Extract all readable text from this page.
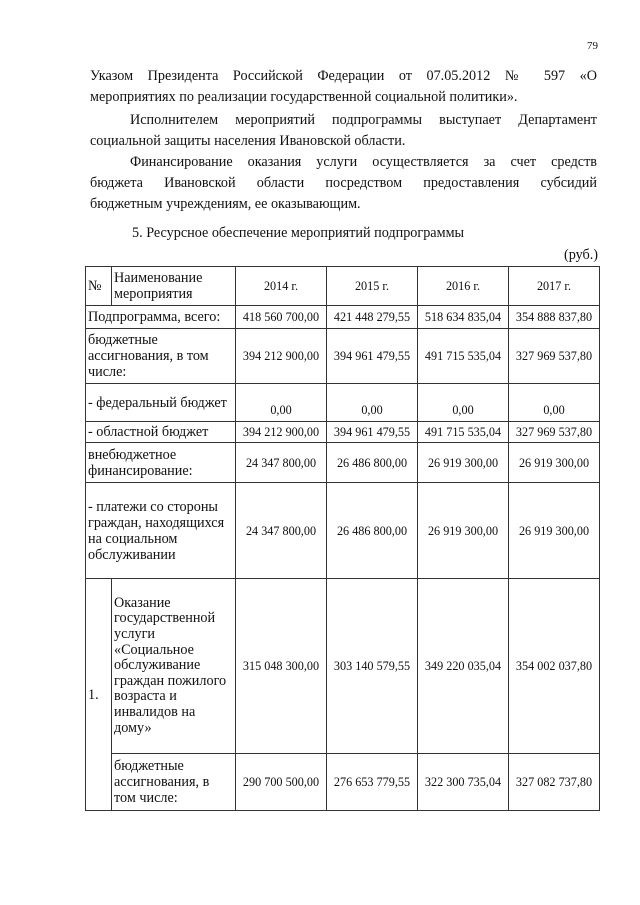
79
Указом Президента Российской Федерации от 07.05.2012 № 597 «О
мероприятиях по реализации государственной социальной политики».
Исполнителем мероприятий подпрограммы выступает Департамент
социальной защиты населения Ивановской области.
Финансирование оказания услуги осуществляется за счет средств
бюджета Ивановской области посредством предоставления субсидий
бюджетным учреждениям, ее оказывающим.
5. Ресурсное обеспечение мероприятий подпрограммы
(руб.)
№	Наименование мероприятия	2014 г.	2015 г.	2016 г.	2017 г.
Подпрограмма, всего:		418 560 700,00	421 448 279,55	518 634 835,04	354 888 837,80
бюджетные ассигнования, в том числе:		394 212 900,00	394 961 479,55	491 715 535,04	327 969 537,80
- федеральный бюджет		0,00	0,00	0,00	0,00
- областной бюджет		394 212 900,00	394 961 479,55	491 715 535,04	327 969 537,80
внебюджетное финансирование:		24 347 800,00	26 486 800,00	26 919 300,00	26 919 300,00
- платежи со стороны граждан, находящихся на социальном обслуживании		24 347 800,00	26 486 800,00	26 919 300,00	26 919 300,00
1.	Оказание государственной услуги «Социальное обслуживание граждан пожилого возраста и инвалидов на дому»	315 048 300,00	303 140 579,55	349 220 035,04	354 002 037,80
	бюджетные ассигнования, в том числе:	290 700 500,00	276 653 779,55	322 300 735,04	327 082 737,80
